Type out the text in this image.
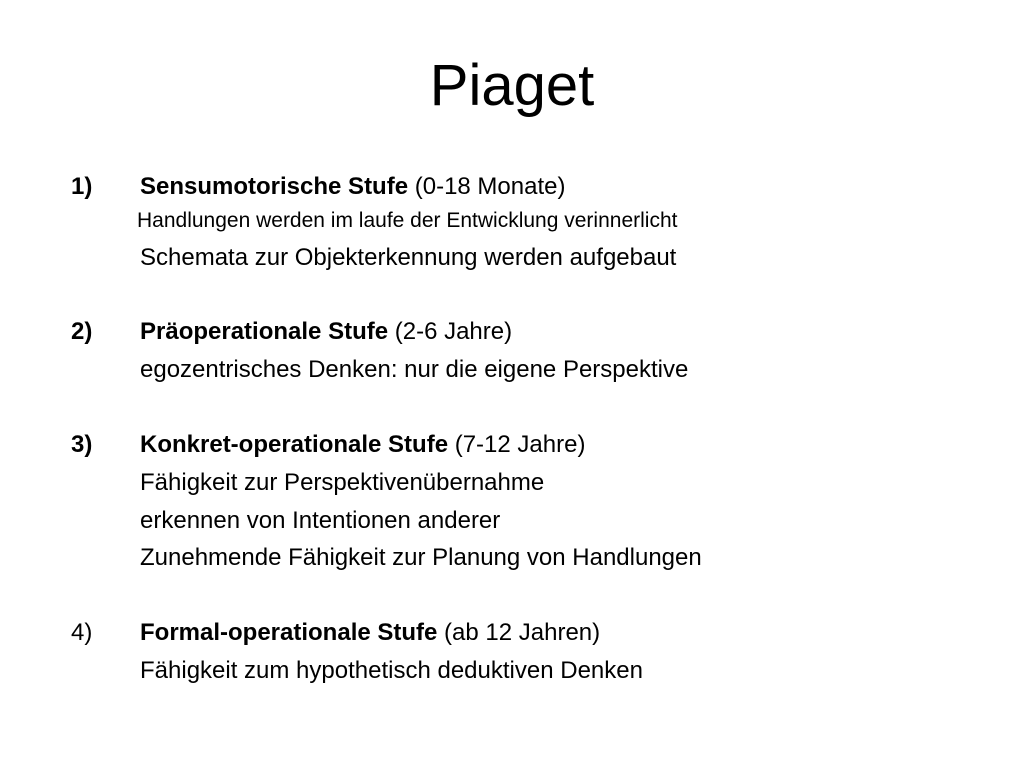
Piaget
1) Sensumotorische Stufe (0-18 Monate)
Handlungen werden im laufe der Entwicklung verinnerlicht
Schemata zur Objekterkennung werden aufgebaut
2) Präoperationale Stufe (2-6 Jahre)
egozentrisches Denken: nur die eigene Perspektive
3) Konkret-operationale Stufe (7-12 Jahre)
Fähigkeit zur Perspektivenübernahme
erkennen von Intentionen anderer
Zunehmende Fähigkeit zur Planung von Handlungen
4) Formal-operationale Stufe (ab 12 Jahren)
Fähigkeit zum hypothetisch deduktiven Denken
